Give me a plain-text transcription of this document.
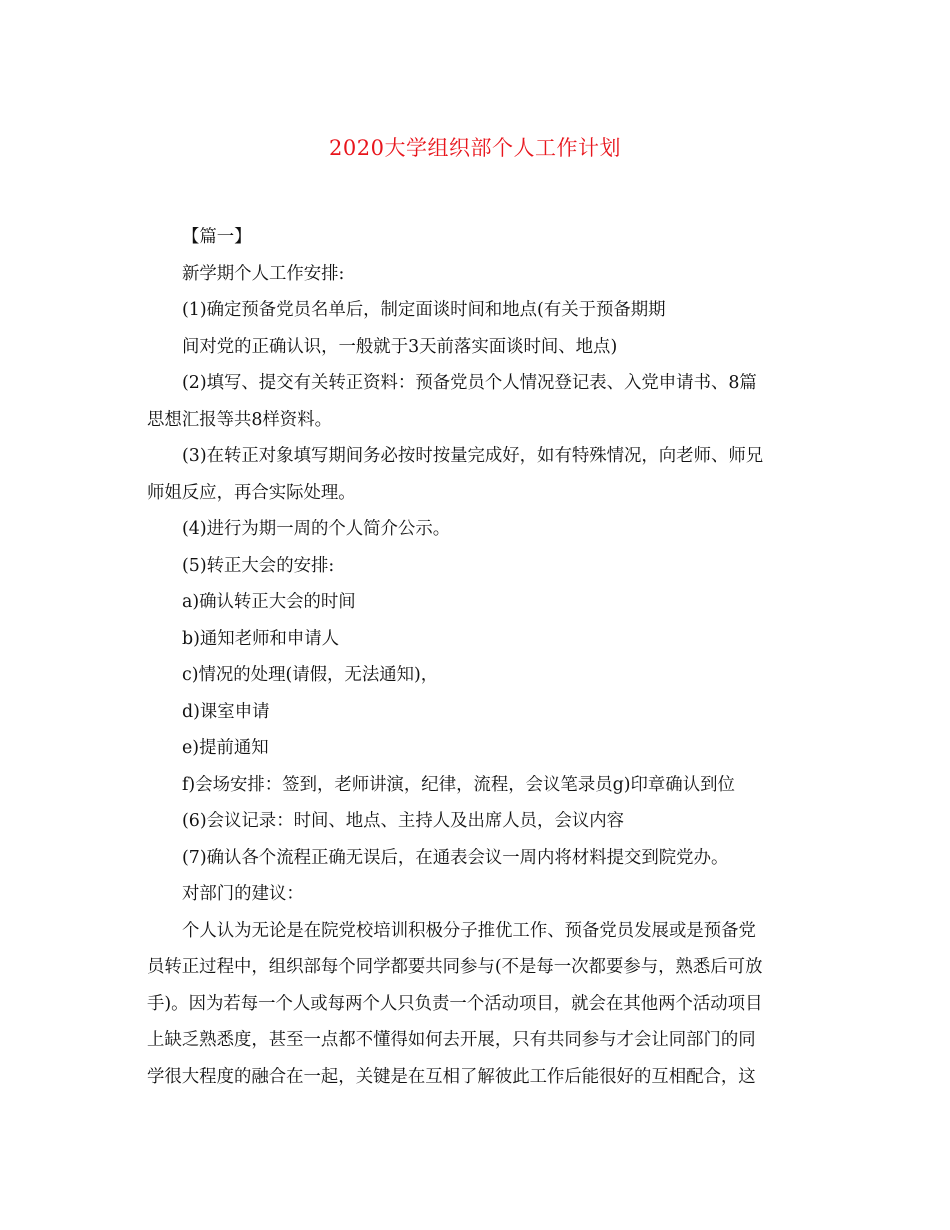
2020大学组织部个人工作计划

【篇一】

新学期个人工作安排:

(1)确定预备党员名单后，制定面谈时间和地点(有关于预备期期

间对党的正确认识，一般就于3天前落实面谈时间、地点)

(2)填写、提交有关转正资料：预备党员个人情况登记表、入党申请书、8篇

思想汇报等共8样资料。

(3)在转正对象填写期间务必按时按量完成好，如有特殊情况，向老师、师兄

师姐反应，再合实际处理。

(4)进行为期一周的个人简介公示。

(5)转正大会的安排:

a)确认转正大会的时间

b)通知老师和申请人

c)情况的处理(请假，无法通知)，

d)课室申请

e)提前通知

f)会场安排：签到，老师讲演，纪律，流程，会议笔录员g)印章确认到位

(6)会议记录：时间、地点、主持人及出席人员，会议内容

(7)确认各个流程正确无误后，在通表会议一周内将材料提交到院党办。

对部门的建议：

个人认为无论是在院党校培训积极分子推优工作、预备党员发展或是预备党

员转正过程中，组织部每个同学都要共同参与(不是每一次都要参与，熟悉后可放

手)。因为若每一个人或每两个人只负责一个活动项目，就会在其他两个活动项目

上缺乏熟悉度，甚至一点都不懂得如何去开展，只有共同参与才会让同部门的同

学很大程度的融合在一起，关键是在互相了解彼此工作后能很好的互相配合，这
